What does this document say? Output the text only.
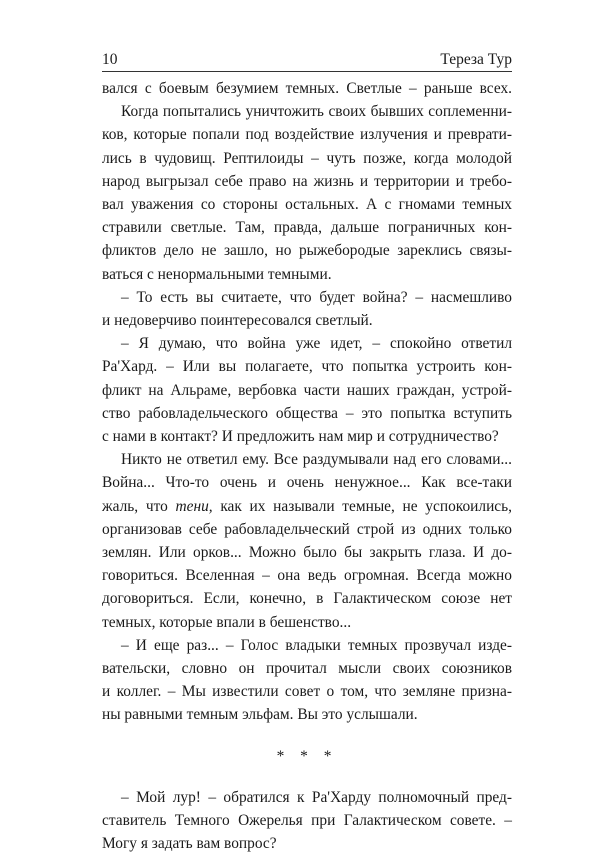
10	Тереза Тур
вался с боевым безумием темных. Светлые – раньше всех.
Когда попытались уничтожить своих бывших соплеменни-
ков, которые попали под воздействие излучения и преврати-
лись в чудовищ. Рептилоиды – чуть позже, когда молодой
народ выгрызал себе право на жизнь и территории и требо-
вал уважения со стороны остальных. А с гномами темных
стравили светлые. Там, правда, дальше пограничных кон-
фликтов дело не зашло, но рыжебородые зареклись связы-
ваться с ненормальными темными.
– То есть вы считаете, что будет война? – насмешливо
и недоверчиво поинтересовался светлый.
– Я думаю, что война уже идет, – спокойно ответил
Ра'Хард. – Или вы полагаете, что попытка устроить кон-
фликт на Альраме, вербовка части наших граждан, устрой-
ство рабовладельческого общества – это попытка вступить
с нами в контакт? И предложить нам мир и сотрудничество?
Никто не ответил ему. Все раздумывали над его словами...
Война... Что-то очень и очень ненужное... Как все-таки
жаль, что тени, как их называли темные, не успокоились,
организовав себе рабовладельческий строй из одних только
землян. Или орков... Можно было бы закрыть глаза. И до-
говориться. Вселенная – она ведь огромная. Всегда можно
договориться. Если, конечно, в Галактическом союзе нет
темных, которые впали в бешенство...
– И еще раз... – Голос владыки темных прозвучал изде-
вательски, словно он прочитал мысли своих союзников
и коллег. – Мы известили совет о том, что земляне призна-
ны равными темным эльфам. Вы это услышали.
* * *
– Мой лур! – обратился к Ра'Харду полномочный пред-
ставитель Темного Ожерелья при Галактическом совете. –
Могу я задать вам вопрос?
